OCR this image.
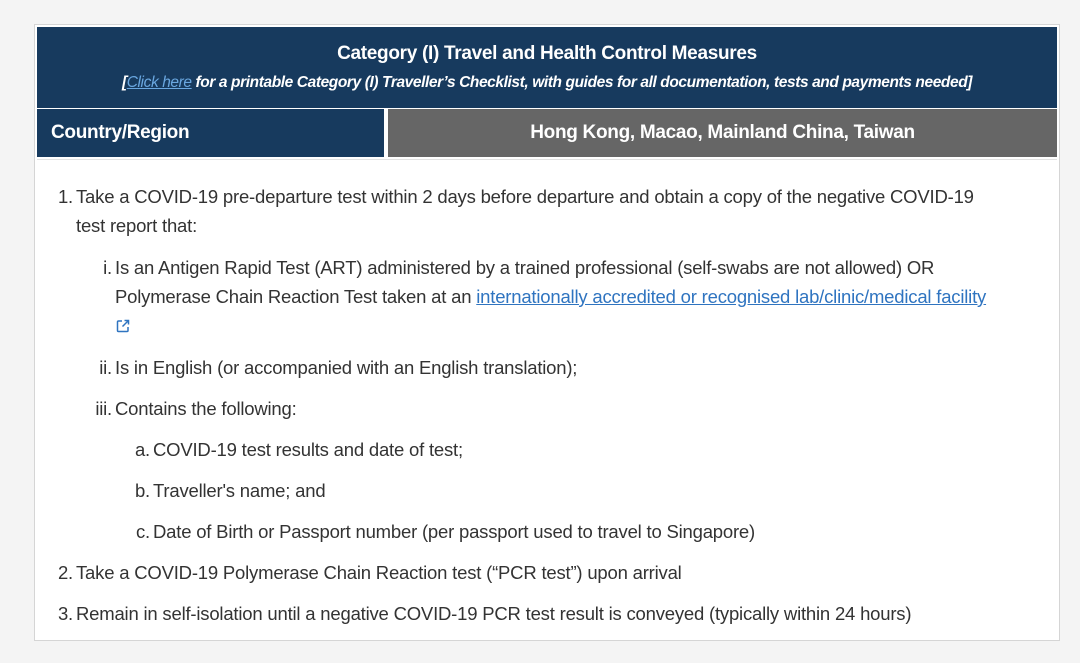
Category (I) Travel and Health Control Measures
[Click here for a printable Category (I) Traveller’s Checklist, with guides for all documentation, tests and payments needed]
Country/Region	Hong Kong, Macao, Mainland China, Taiwan
1. Take a COVID-19 pre-departure test within 2 days before departure and obtain a copy of the negative COVID-19
test report that:
i. Is an Antigen Rapid Test (ART) administered by a trained professional (self-swabs are not allowed) OR
Polymerase Chain Reaction Test taken at an internationally accredited or recognised lab/clinic/medical facility

ii. Is in English (or accompanied with an English translation);
iii. Contains the following:
a. COVID-19 test results and date of test;
b. Traveller's name; and
c. Date of Birth or Passport number (per passport used to travel to Singapore)
2. Take a COVID-19 Polymerase Chain Reaction test (“PCR test”) upon arrival
3. Remain in self-isolation until a negative COVID-19 PCR test result is conveyed (typically within 24 hours)
